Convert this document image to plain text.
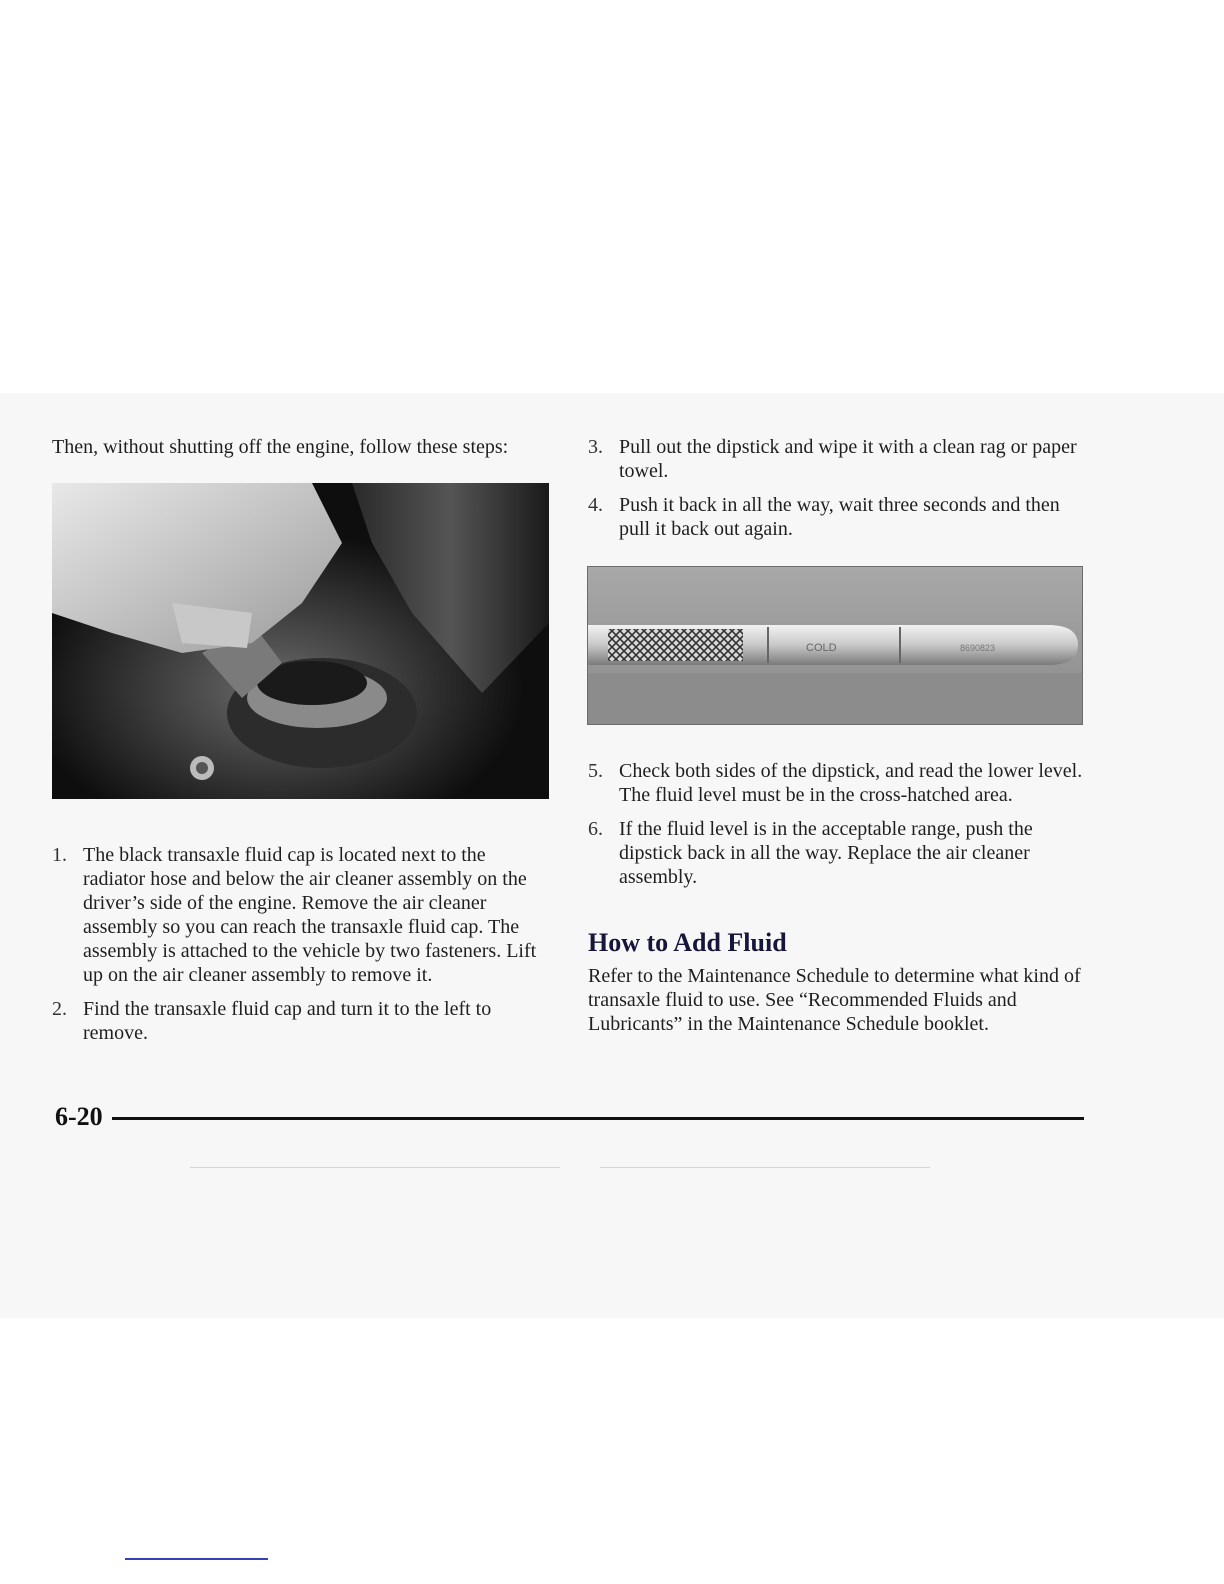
Then, without shutting off the engine, follow these steps:
1. The black transaxle fluid cap is located next to the radiator hose and below the air cleaner assembly on the driver’s side of the engine. Remove the air cleaner assembly so you can reach the transaxle fluid cap. The assembly is attached to the vehicle by two fasteners. Lift up on the air cleaner assembly to remove it.
2. Find the transaxle fluid cap and turn it to the left to remove.
3. Pull out the dipstick and wipe it with a clean rag or paper towel.
4. Push it back in all the way, wait three seconds and then pull it back out again.
COLD	8690823
5. Check both sides of the dipstick, and read the lower level. The fluid level must be in the cross-hatched area.
6. If the fluid level is in the acceptable range, push the dipstick back in all the way. Replace the air cleaner assembly.
How to Add Fluid
Refer to the Maintenance Schedule to determine what kind of transaxle fluid to use. See “Recommended Fluids and Lubricants” in the Maintenance Schedule booklet.
6-20
